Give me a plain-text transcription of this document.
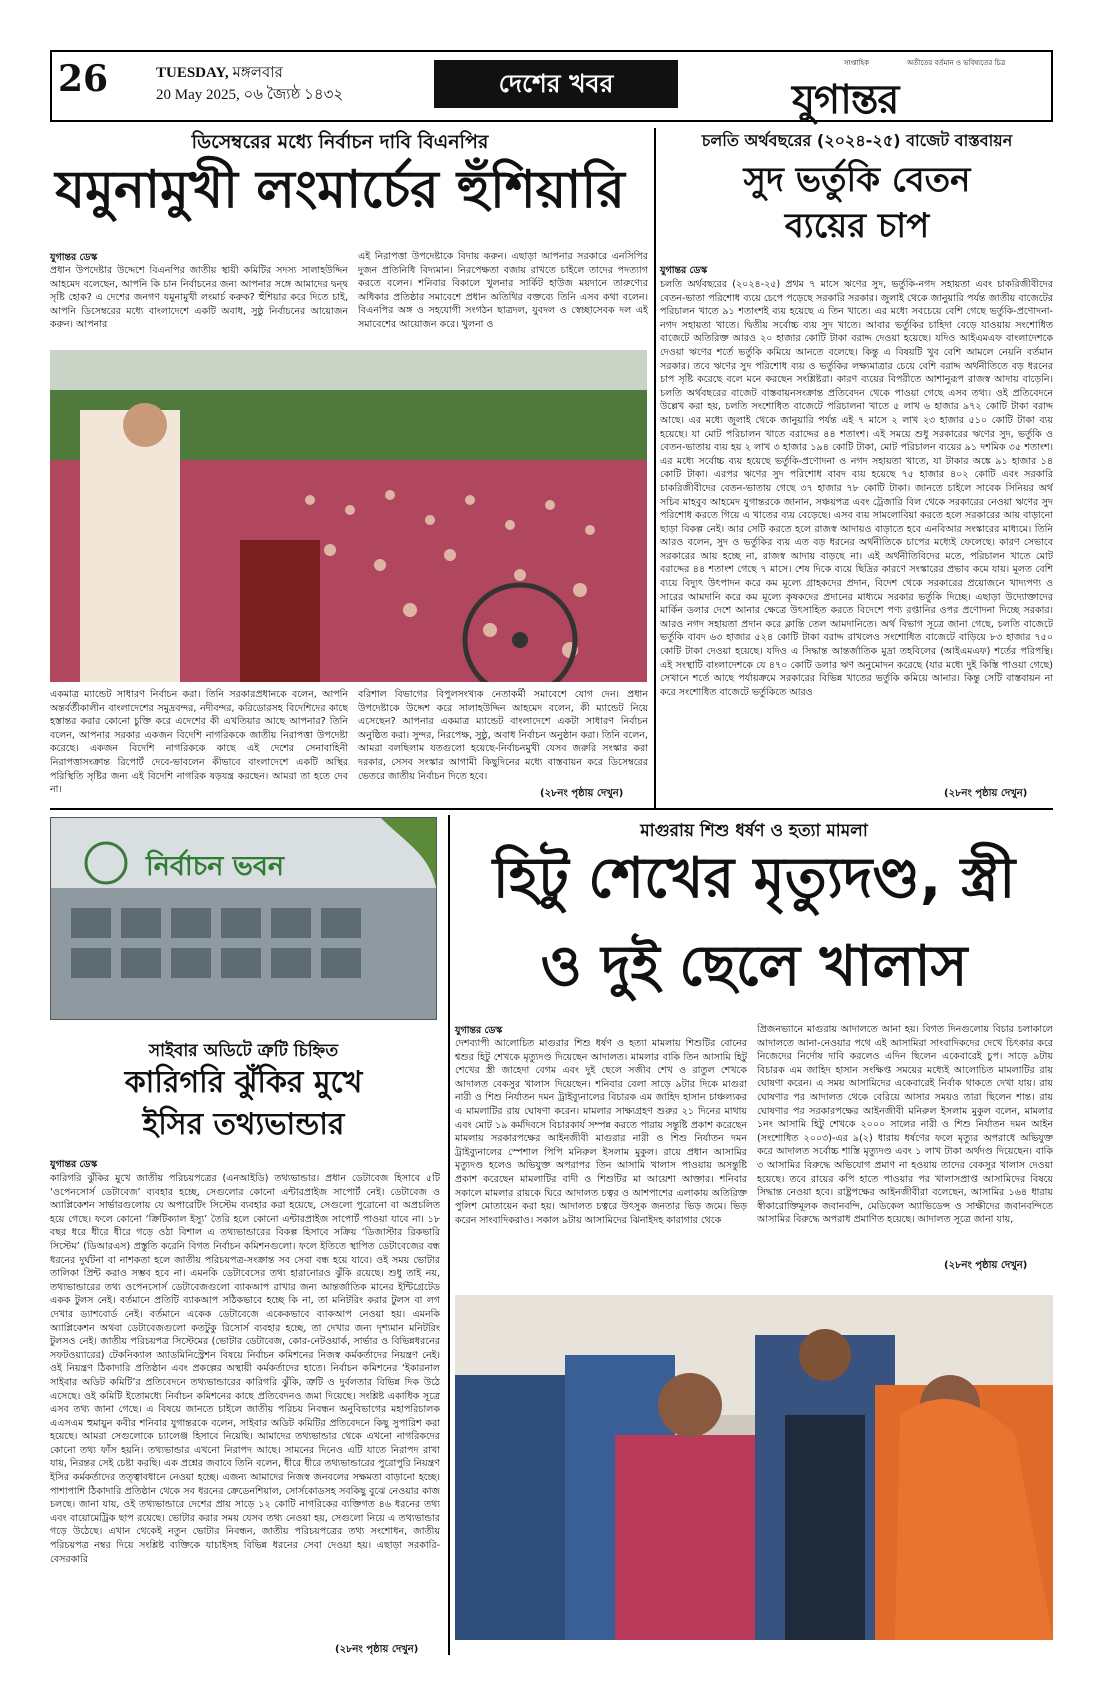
26	TUESDAY, মঙ্গলবার
20 May 2025, ০৬ জ্যৈষ্ঠ ১৪৩২	দেশের খবর
সাপ্তাহিক	অতীতের বর্তমান ও ভবিষ্যতের চিত্র
যুগান্তর
ডিসেম্বরের মধ্যে নির্বাচন দাবি বিএনপির
যমুনামুখী লংমার্চের হুঁশিয়ারি
যুগান্তর ডেস্ক
প্রধান উপদেষ্টার উদ্দেশে বিএনপির জাতীয় স্থায়ী কমিটির সদস্য সালাহউদ্দিন আহমেদ বলেছেন, আপনি কি চান নির্বাচনের জন্য আপনার সঙ্গে আমাদের দ্বন্দ্ব সৃষ্টি হোক? এ দেশের জনগণ যমুনামুখী লংমার্চ করুক? হুঁশিয়ার করে দিতে চাই, আপনি ডিসেম্বরের মধ্যে বাংলাদেশে একটি অবাধ, সুষ্ঠু নির্বাচনের আয়োজন করুন। আপনার
এই নিরাপত্তা উপদেষ্টাকে বিদায় করুন। এছাড়া আপনার সরকারে এনসিপির দুজন প্রতিনিধি বিদ্যমান। নিরপেক্ষতা বজায় রাখতে চাইলে তাদের পদত্যাগ করতে বলেন। শনিবার বিকালে খুলনার সার্কিট হাউজ ময়দানে তারুণ্যের অধিকার প্রতিষ্ঠার সমাবেশে প্রধান অতিথির বক্তব্যে তিনি এসব কথা বলেন। বিএনপির অঙ্গ ও সহযোগী সংগঠন ছাত্রদল, যুবদল ও স্বেচ্ছাসেবক দল এই সমাবেশের আয়োজন করে। খুলনা ও
একমাত্র ম্যান্ডেট সাধারণ নির্বাচন করা। তিনি সরকারপ্রধানকে বলেন, আপনি অন্তর্বর্তীকালীন বাংলাদেশের সমুদ্রবন্দর, নদীবন্দর, করিডোরসহ বিদেশিদের কাছে হস্তান্তর করার কোনো চুক্তি করে এদেশের কী এখতিয়ার আছে আপনার? তিনি বলেন, আপনার সরকার একজন বিদেশি নাগরিককে জাতীয় নিরাপত্তা উপদেষ্টা করেছে। একজন বিদেশি নাগরিককে কাছে এই দেশের সেনাবাহিনী নিরাপত্তাসংক্রান্ত রিপোর্ট দেবে-ভাবলেন কীভাবে বাংলাদেশে একটি অস্থির পরিস্থিতি সৃষ্টির জন্য এই বিদেশি নাগরিক ষড়যন্ত্র করছেন। আমরা তা হতে দেব না।
বরিশাল বিভাগের বিপুলসংখ্যক নেতাকর্মী সমাবেশে যোগ দেন। প্রধান উপদেষ্টাকে উদ্দেশ করে সালাহউদ্দিন আহমেদ বলেন, কী ম্যান্ডেট নিয়ে এসেছেন? আপনার একমাত্র ম্যান্ডেট বাংলাদেশে একটা সাধারণ নির্বাচন অনুষ্ঠিত করা। সুন্দর, নিরপেক্ষ, সুষ্ঠু, অবাধ নির্বাচন অনুষ্ঠান করা। তিনি বলেন, আমরা বলছিলাম যতগুলো হয়েছে-নির্বাচনমুখী যেসব জরুরি সংস্কার করা দরকার, সেসব সংস্কার আগামী কিছুদিনের মধ্যে বাস্তবায়ন করে ডিসেম্বরের ভেতরে জাতীয় নির্বাচন দিতে হবে।
(২৮নং পৃষ্ঠায় দেখুন)
চলতি অর্থবছরের (২০২৪-২৫) বাজেট বাস্তবায়ন
সুদ ভর্তুকি বেতন
ব্যয়ের চাপ
যুগান্তর ডেস্ক
চলতি অর্থবছরের (২০২৪-২৫) প্রথম ৭ মাসে ঋণের সুদ, ভর্তুকি-নগদ সহায়তা এবং চাকরিজীবীদের বেতন-ভাতা পরিশোধ ব্যয়ে চেপে পড়েছে সরকারি সরকার। জুলাই থেকে জানুয়ারি পর্যন্ত জাতীয় বাজেটের পরিচালন খাতে ৯১ শতাংশই ব্যয় হয়েছে এ তিন খাতে। এর মধ্যে সবচেয়ে বেশি গেছে ভর্তুকি-প্রণোদনা-নগদ সহায়তা খাতে। দ্বিতীয় সর্বোচ্চ ব্যয় সুদ খাতে। আবার ভর্তুকির চাহিদা বেড়ে যাওয়ায় সংশোধিত বাজেটে অতিরিক্ত আরও ২০ হাজার কোটি টাকা বরাদ্দ দেওয়া হয়েছে। যদিও আইএমএফ বাংলাদেশকে দেওয়া ঋণের শর্তে ভর্তুকি কমিয়ে আনতে বলেছে। কিন্তু এ বিষয়টি খুব বেশি আমলে নেয়নি বর্তমান সরকার। তবে ঋণের সুদ পরিশোধ ব্যয় ও ভর্তুকির লক্ষ্যমাত্রার চেয়ে বেশি বরাদ্দ অর্থনীতিতে বড় ধরনের চাপ সৃষ্টি করেছে বলে মনে করছেন সংশ্লিষ্টরা। কারণ ব্যয়ের বিপরীতে আশানুরূপ রাজস্ব আদায় বাড়েনি। চলতি অর্থবছরের বাজেট বাস্তবায়নসংক্রান্ত প্রতিবেদন থেকে পাওয়া গেছে এসব তথ্য। ওই প্রতিবেদনে উল্লেখ করা হয়, চলতি সংশোধিত বাজেটে পরিচালনা খাতে ৫ লাখ ৬ হাজার ৯৭২ কোটি টাকা বরাদ্দ আছে। এর মধ্যে জুলাই থেকে জানুয়ারি পর্যন্ত এই ৭ মাসে ২ লাখ ২৩ হাজার ৫১০ কোটি টাকা ব্যয় হয়েছে। যা মোট পরিচালন খাতে বরাদ্দের ৪৪ শতাংশ। এই সময়ে শুধু সরকারের ঋণের সুদ, ভর্তুকি ও বেতন-ভাতায় ব্যয় হয় ২ লাখ ৩ হাজার ১৯৪ কোটি টাকা, মোট পরিচালন ব্যয়ের ৯১ দশমিক ৩৫ শতাংশ। এর মধ্যে সর্বোচ্চ ব্যয় হয়েছে ভর্তুকি-প্রণোদনা ও নগদ সহায়তা খাতে, যা টাকার অঙ্কে ৯১ হাজার ১৪ কোটি টাকা। এরপর ঋণের সুদ পরিশোধ বাবদ ব্যয় হয়েছে ৭৫ হাজার ৪০২ কোটি এবং সরকারি চাকরিজীবীদের বেতন-ভাতায় গেছে ৩৭ হাজার ৭৮ কোটি টাকা। জানতে চাইলে সাবেক সিনিয়র অর্থ সচিব মাহবুব আহমেদ যুগান্তরকে জানান, সঞ্চয়পত্র এবং ট্রেজারি বিল থেকে সরকারের নেওয়া ঋণের সুদ পরিশোধ করতে গিয়ে এ খাতের ব্যয় বেড়েছে। এসব ব্যয় সামলোবিয়া করতে হলে সরকারের আয় বাড়ানো ছাড়া বিকল্প নেই। আর সেটি করতে হলে রাজস্ব আদায়ও বাড়াতে হবে এনবিআর সংস্কারের মাধ্যমে। তিনি আরও বলেন, সুদ ও ভর্তুকির ব্যয় এত বড় ধরনের অর্থনীতিকে চাপের মধ্যেই ফেলেছে। কারণ সেভাবে সরকারের আয় হচ্ছে না, রাজস্ব আদায় বাড়ছে না। এই অর্থনীতিবিদের মতে, পরিচালন খাতে মোট বরাদ্দের ৪৪ শতাংশ গেছে ৭ মাসে। শেষ দিকে ব্যয়ে ছিদ্রির কারণে সংস্কারের প্রভাব কমে যায়। মূলত বেশি ব্যয়ে বিদ্যুৎ উৎপাদন করে কম মূল্যে গ্রাহকদের প্রদান, বিদেশ থেকে সরকারের প্রয়োজনে খাদ্যপণ্য ও সারের আমদানি করে কম মূল্যে কৃষকদের প্রদানের মাধ্যমে সরকার ভর্তুকি দিচ্ছে। এছাড়া উদ্যোক্তাদের মার্কিন ডলার দেশে আনার ক্ষেত্রে উৎসাহিত করতে বিদেশে পণ্য রপ্তানির ওপর প্রণোদনা দিচ্ছে সরকার। আরও নগদ সহায়তা প্রদান করে ক্লান্তি তেল আমদানিতে। অর্থ বিভাগ সূত্রে জানা গেছে, চলতি বাজেটে ভর্তুকি বাবদ ৬৩ হাজার ৫২৪ কোটি টাকা বরাদ্দ রাখলেও সংশোধিত বাজেটে বাড়িয়ে ৮৩ হাজার ৭৫০ কোটি টাকা দেওয়া হয়েছে। যদিও এ সিদ্ধান্ত আন্তর্জাতিক মুদ্রা তহবিলের (আইএমএফ) শর্তের পরিপন্থি। এই সংস্থাটি বাংলাদেশকে যে ৪৭০ কোটি ডলার ঋণ অনুমোদন করেছে (যার মধ্যে দুই কিস্তি পাওয়া গেছে) সেখানে শর্তে আছে পর্যায়ক্রমে সরকারের বিভিন্ন খাতের ভর্তুকি কমিয়ে আনার। কিন্তু সেটি বাস্তবায়ন না করে সংশোধিত বাজেটে ভর্তুকিতে আরও
(২৮নং পৃষ্ঠায় দেখুন)
নির্বাচন ভবন
সাইবার অডিটে ত্রুটি চিহ্নিত
কারিগরি ঝুঁকির মুখে
ইসির তথ্যভান্ডার
যুগান্তর ডেস্ক
কারিগরি ঝুঁকির মুখে জাতীয় পরিচয়পত্রের (এনআইডি) তথ্যভান্ডার। প্রধান ডেটাবেজ হিসাবে ৫টি ‘ওপেনসোর্স ডেটাবেজ’ ব্যবহার হচ্ছে, সেগুলোর কোনো এন্টারপ্রাইজ সাপোর্ট নেই। ডেটাবেজ ও অ্যাপ্লিকেশন সার্ভারগুলোয় যে অপারেটিং সিস্টেম ব্যবহার করা হয়েছে, সেগুলো পুরোনো বা অপ্রচলিত হয়ে গেছে। ফলে কোনো ‘ক্রিটিক্যাল ইস্যু’ তৈরি হলে কোনো এন্টারপ্রাইজ সাপোর্ট পাওয়া যাবে না। ১৮ বছর ধরে ধীরে ধীরে গড়ে ওঠা বিশাল এ তথ্যভান্ডারের বিকল্প হিসাবে সক্রিয় ‘ডিজাস্টার রিকভারি সিস্টেম’ (ডিআরএস) প্রস্তুতি করেনি বিগত নির্বাচন কমিশনগুলো। ফলে ইতিতে স্থাপিত ডেটাবেজের বন্ধ ধরনের দুর্ঘটনা বা নাশকতা হলে জাতীয় পরিচয়পত্র-সংক্রান্ত সব সেবা বন্ধ হয়ে যাবে। ওই সময় ভোটার তালিকা প্রিন্ট করাও সম্ভব হবে না। এমনকি ডেটাবেসের তথ্য হারানোরও ঝুঁকি রয়েছে। শুধু তাই নয়, তথ্যভান্ডারের তথ্য ওপেনসোর্স ডেটাবেজগুলো ব্যাকআপ রাখার জন্য আন্তর্জাতিক মানের ইন্টিগ্রেটেড একক টুলস নেই। বর্তমানে প্রতিটি ব্যাকআপ সঠিকভাবে হচ্ছে কি না, তা মনিটরিং করার টুলস বা লগ দেখার ড্যাশবোর্ড নেই। বর্তমানে একেক ডেটাবেজে একেকভাবে ব্যাকআপ নেওয়া হয়। এমনকি অ্যাপ্লিকেশন অথবা ডেটাবেজগুলো কতটুকু রিসোর্স ব্যবহার হচ্ছে, তা দেখার জন্য দৃশ্যমান মনিটরিং টুলসও নেই। জাতীয় পরিচয়পত্র সিস্টেমের (ভোটার ডেটাবেজ, কোর-নেটওয়ার্ক, সার্ভার ও বিভিন্নধরনের সফটওয়্যারের) টেকনিক্যাল অ্যাডমিনিস্ট্রেশন বিষয়ে নির্বাচন কমিশনের নিজস্ব কর্মকর্তাদের নিয়ন্ত্রণ নেই। ওই নিয়ন্ত্রণ ঠিকাদারি প্রতিষ্ঠান এবং প্রকল্পের অস্থায়ী কর্মকর্তাদের হাতে। নির্বাচন কমিশনের ‘ইকারনাল সাইবার অডিট কমিটি’র প্রতিবেদনে তথ্যভান্ডারের কারিগরি ঝুঁকি, ত্রুটি ও দুর্বলতার বিভিন্ন দিক উঠে এসেছে। ওই কমিটি ইতোমধ্যে নির্বাচন কমিশনের কাছে প্রতিবেদনও জমা দিয়েছে। সংশ্লিষ্ট একাধিক সূত্রে এসব তথ্য জানা গেছে। এ বিষয়ে জানতে চাইলে জাতীয় পরিচয় নিবন্ধন অনুবিভাগের মহাপরিচালক এএসএম হুমায়ুন কবীর শনিবার যুগান্তরকে বলেন, সাইবার অডিট কমিটির প্রতিবেদনে কিছু সুপারিশ করা হয়েছে। আমরা সেগুলোকে চ্যালেঞ্জ হিসাবে নিয়েছি। আমাদের তথ্যভান্ডার থেকে এখনো নাগরিকদের কোনো তথ্য ফাঁস হয়নি। তথ্যভান্ডার এখনো নিরাপদ আছে। সামনের দিনেও এটি যাতে নিরাপদ রাখা যায়, নিরন্তর সেই চেষ্টা করছি। এক প্রশ্নের জবাবে তিনি বলেন, ধীরে ধীরে তথ্যভান্ডারের পুরোপুরি নিয়ন্ত্রণ ইসির কর্মকর্তাদের তত্ত্বাবধানে নেওয়া হচ্ছে। এজন্য আমাদের নিজস্ব জনবলের সক্ষমতা বাড়ানো হচ্ছে। পাশাপাশি ঠিকাদারি প্রতিষ্ঠান থেকে সব ধরনের ক্রেডেনশিয়াল, সোর্সকোডসহ সবকিছু বুঝে নেওয়ার কাজ চলছে। জানা যায়, ওই তথ্যভান্ডারে দেশের প্রায় সাড়ে ১২ কোটি নাগরিকের ব্যক্তিগত ৪৬ ধরনের তথ্য এবং বায়োমেট্রিক ছাপ রয়েছে। ভোটার করার সময় যেসব তথ্য নেওয়া হয়, সেগুলো নিয়ে এ তথ্যভান্ডার গড়ে উঠেছে। এখান থেকেই নতুন ভোটার নিবন্ধন, জাতীয় পরিচয়পত্রের তথ্য সংশোধন, জাতীয় পরিচয়পত্র নম্বর দিয়ে সংশ্লিষ্ট ব্যক্তিকে যাচাইসহ বিভিন্ন ধরনের সেবা দেওয়া হয়। এছাড়া সরকারি-বেসরকারি
(২৮নং পৃষ্ঠায় দেখুন)
মাগুরায় শিশু ধর্ষণ ও হত্যা মামলা
হিটু শেখের মৃত্যুদণ্ড, স্ত্রী
ও দুই ছেলে খালাস
যুগান্তর ডেস্ক
দেশব্যাপী আলোচিত মাগুরার শিশু ধর্ষণ ও হত্যা মামলায় শিশুটির বোনের শ্বশুর হিটু শেখকে মৃত্যুদণ্ড দিয়েছেন আদালত। মামলার বাকি তিন আসামি হিটু শেখের স্ত্রী জাহেদা বেগম এবং দুই ছেলে সজীব শেখ ও রাতুল শেখকে আদালত বেকসুর খালাস দিয়েছেন। শনিবার বেলা সাড়ে ৯টার দিকে মাগুরা নারী ও শিশু নির্যাতন দমন ট্রাইব্যুনালের বিচারক এম জাহিদ হাসান চাঞ্চল্যকর এ মামলাটির রায় ঘোষণা করেন। মামলার সাক্ষ্যগ্রহণ শুরুর ২১ দিনের মাথায় এবং মোট ১৯ কর্মদিবসে বিচারকার্য সম্পন্ন করতে পারায় সন্তুষ্টি প্রকাশ করেছেন মামলায় সরকারপক্ষের আইনজীবী মাগুরার নারী ও শিশু নির্যাতন দমন ট্রাইব্যুনালের স্পেশাল পিপি মনিরুল ইসলাম মুকুল। রায়ে প্রধান আসামির মৃত্যুদণ্ড হলেও অভিযুক্ত অপরাপর তিন আসামি খালাস পাওয়ায় অসন্তুষ্টি প্রকাশ করেছেন মামলাটির বাদী ও শিশুটির মা আয়েশা আক্তার। শনিবার সকালে মামলার রায়কে ঘিরে আদালত চত্বর ও আশপাশের এলাকায় অতিরিক্ত পুলিশ মোতায়েন করা হয়। আদালত চত্বরে উৎসুক জনতার ভিড় জমে। ভিড় করেন সাংবাদিকরাও। সকাল ৯টায় আসামিদের ঝিনাইদহ কারাগার থেকে
প্রিজনভ্যানে মাগুরায় আদালতে আনা হয়। বিগত দিনগুলোয় বিচার চলাকালে আদালতে আনা-নেওয়ার পথে এই আসামিরা সাংবাদিকদের দেখে চিৎকার করে নিজেদের নির্দোষ দাবি করলেও এদিন ছিলেন একেবারেই চুপ। সাড়ে ৯টায় বিচারক এম জাহিদ হাসান সংক্ষিপ্ত সময়ের মধ্যেই আলোচিত মামলাটির রায় ঘোষণা করেন। এ সময় আসামিদের একেবারেই নির্বাক থাকতে দেখা যায়। রায় ঘোষণার পর আদালত থেকে বেরিয়ে আসার সময়ও তারা ছিলেন শান্ত। রায় ঘোষণার পর সরকারপক্ষের আইনজীবী মনিরুল ইসলাম মুকুল বলেন, মামলার ১নং আসামি হিটু শেখকে ২০০০ সালের নারী ও শিশু নির্যাতন দমন আইন (সংশোধিত ২০০৩)-এর ৯(২) ধারায় ধর্ষণের ফলে মৃত্যুর অপরাধে অভিযুক্ত করে আদালত সর্বোচ্চ শাস্তি মৃত্যুদণ্ড এবং ১ লাখ টাকা অর্থদণ্ড দিয়েছেন। বাকি ৩ আসামির বিরুদ্ধে অভিযোগ প্রমাণ না হওয়ায় তাদের বেকসুর খালাস দেওয়া হয়েছে। তবে রায়ের কপি হাতে পাওয়ার পর খালাসপ্রাপ্ত আসামিদের বিষয়ে সিদ্ধান্ত নেওয়া হবে। রাষ্ট্রপক্ষের আইনজীবীরা বলেছেন, আসামির ১৬৪ ধারায় স্বীকারোক্তিমূলক জবানবন্দি, মেডিকেল অ্যাভিডেন্স ও সাক্ষীদের জবানবন্দিতে আসামির বিরুদ্ধে অপরাধ প্রমাণিত হয়েছে। আদালত সূত্রে জানা যায়,
(২৮নং পৃষ্ঠায় দেখুন)
